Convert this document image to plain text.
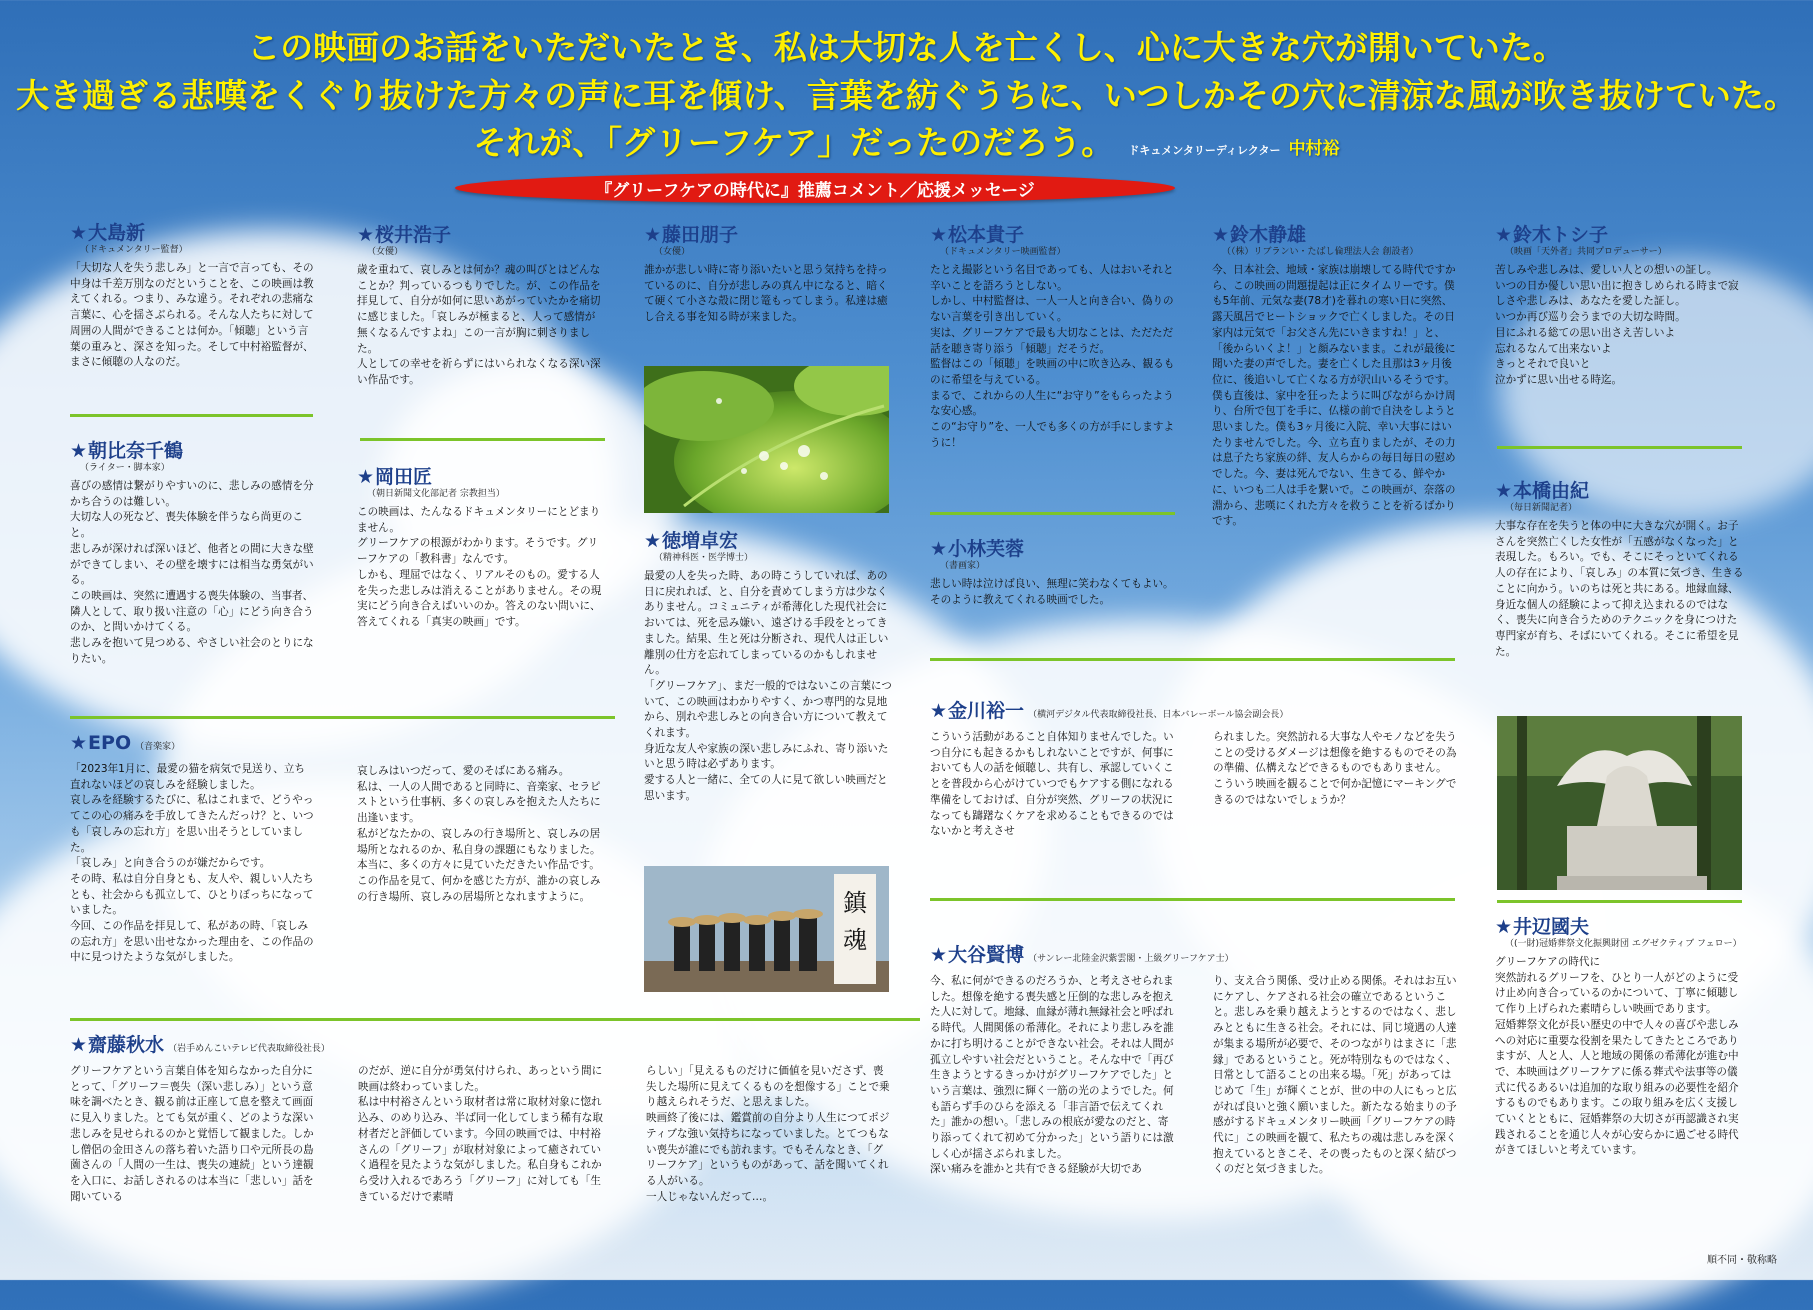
この映画のお話をいただいたとき、私は大切な人を亡くし、心に大きな穴が開いていた。
大き過ぎる悲嘆をくぐり抜けた方々の声に耳を傾け、言葉を紡ぐうちに、いつしかその穴に清涼な風が吹き抜けていた。
それが、「グリーフケア」だったのだろう。 ドキュメンタリーディレクター 中村裕
『グリーフケアの時代に』推薦コメント／応援メッセージ
★大島新
（ドキュメンタリー監督）
「大切な人を失う悲しみ」と一言で言っても、その中身は千差万別なのだということを、この映画は教えてくれる。つまり、みな違う。それぞれの悲痛な言葉に、心を揺さぶられる。そんな人たちに対して周囲の人間ができることは何か。「傾聴」という言葉の重みと、深さを知った。そして中村裕監督が、まさに傾聴の人なのだ。
★朝比奈千鶴
（ライター・脚本家）
喜びの感情は繋がりやすいのに、悲しみの感情を分かち合うのは難しい。
大切な人の死など、喪失体験を伴うなら尚更のこと。
悲しみが深ければ深いほど、他者との間に大きな壁ができてしまい、その壁を壊すには相当な勇気がいる。
この映画は、突然に遭遇する喪失体験の、当事者、隣人として、取り扱い注意の「心」にどう向き合うのか、と問いかけてくる。
悲しみを抱いて見つめる、やさしい社会のとりになりたい。
★EPO （音楽家）
「2023年1月に、最愛の猫を病気で見送り、立ち直れないほどの哀しみを経験しました。
哀しみを経験するたびに、私はこれまで、どうやってこの心の痛みを手放してきたんだっけ？と、いつも「哀しみの忘れ方」を思い出そうとしていました。
「哀しみ」と向き合うのが嫌だからです。
その時、私は自分自身とも、友人や、親しい人たちとも、社会からも孤立して、ひとりぼっちになっていました。
今回、この作品を拝見して、私があの時、「哀しみの忘れ方」を思い出せなかった理由を、この作品の中に見つけたような気がしました。
哀しみはいつだって、愛のそばにある痛み。
私は、一人の人間であると同時に、音楽家、セラピストという仕事柄、多くの哀しみを抱えた人たちに出逢います。
私がどなたかの、哀しみの行き場所と、哀しみの居場所となれるのか、私自身の課題にもなりました。
本当に、多くの方々に見ていただきたい作品です。
この作品を見て、何かを感じた方が、誰かの哀しみの行き場所、哀しみの居場所となれますように。
★齋藤秋水 （岩手めんこいテレビ代表取締役社長）
グリーフケアという言葉自体を知らなかった自分にとって、「グリーフ＝喪失（深い悲しみ）」という意味を調べたとき、観る前は正座して息を整えて画面に見入りました。とても気が重く、どのような深い悲しみを見せられるのかと覚悟して観ました。しかし僧侶の金田さんの落ち着いた語り口や元所長の島薗さんの「人間の一生は、喪失の連続」という達観を入口に、お話しされるのは本当に「悲しい」話を聞いている
のだが、逆に自分が勇気付けられ、あっという間に映画は終わっていました。
私は中村裕さんという取材者は常に取材対象に惚れ込み、のめり込み、半ば同一化してしまう稀有な取材者だと評価しています。今回の映画では、中村裕さんの「グリーフ」が取材対象によって癒されていく過程を見たような気がしました。私自身もこれから受け入れるであろう「グリーフ」に対しても「生きているだけで素晴
らしい」「見えるものだけに価値を見いださず、喪失した場所に見えてくるものを想像する」ことで乗り越えられそうだ、と思えました。
映画終了後には、鑑賞前の自分より人生につてポジティブな強い気持ちになっていました。とてつもない喪失が誰にでも訪れます。でもそんなとき、「グリーフケア」というものがあって、話を聞いてくれる人がいる。
一人じゃないんだって…。
★桜井浩子
（女優）
歳を重ねて、哀しみとは何か？魂の叫びとはどんなことか？判っているつもりでした。が、この作品を拝見して、自分が如何に思いあがっていたかを痛切に感じました。「哀しみが極まると、人って感情が無くなるんですよね」この一言が胸に刺さりました。
人としての幸せを祈らずにはいられなくなる深い深い作品です。
★岡田匠
（朝日新聞文化部記者 宗教担当）
この映画は、たんなるドキュメンタリーにとどまりません。
グリーフケアの根源がわかります。そうです。グリーフケアの「教科書」なんです。
しかも、理屈ではなく、リアルそのもの。愛する人を失った悲しみは消えることがありません。その現実にどう向き合えばいいのか。答えのない問いに、答えてくれる「真実の映画」です。
★藤田朋子
（女優）
誰かが悲しい時に寄り添いたいと思う気持ちを持っているのに、自分が悲しみの真ん中になると、暗くて硬くて小さな殻に閉じ篭もってしまう。私達は癒し合える事を知る時が来ました。
★徳増卓宏
（精神科医・医学博士）
最愛の人を失った時、あの時こうしていれば、あの日に戻れれば、と、自分を責めてしまう方は少なくありません。コミュニティが希薄化した現代社会においては、死を忌み嫌い、遠ざける手段をとってきました。結果、生と死は分断され、現代人は正しい離別の仕方を忘れてしまっているのかもしれません。
「グリーフケア」、まだ一般的ではないこの言葉について、この映画はわかりやすく、かつ専門的な見地から、別れや悲しみとの向き合い方について教えてくれます。
身近な友人や家族の深い悲しみにふれ、寄り添いたいと思う時は必ずあります。
愛する人と一緒に、全ての人に見て欲しい映画だと思います。
鎮
魂
★松本貴子
（ドキュメンタリー映画監督）
たとえ撮影という名目であっても、人はおいそれと辛いことを語ろうとしない。
しかし、中村監督は、一人一人と向き合い、偽りのない言葉を引き出していく。
実は、グリーフケアで最も大切なことは、ただただ話を聴き寄り添う「傾聴」だそうだ。
監督はこの「傾聴」を映画の中に吹き込み、観るものに希望を与えている。
まるで、これからの人生に“お守り”をもらったような安心感。
この“お守り”を、一人でも多くの方が手にしますように！
★小林芙蓉
（書画家）
悲しい時は泣けば良い、無理に笑わなくてもよい。そのように教えてくれる映画でした。
★金川裕一 （横河デジタル代表取締役社長、日本バレーボール協会副会長）
こういう活動があること自体知りませんでした。いつ自分にも起きるかもしれないことですが、何事においても人の話を傾聴し、共有し、承認していくことを普段から心がけていつでもケアする側になれる準備をしておけば、自分が突然、グリーフの状況になっても躊躇なくケアを求めることもできるのではないかと考えさせ
られました。突然訪れる大事な人やモノなどを失うことの受けるダメージは想像を絶するものでその為の準備、仏構えなどできるものでもありません。
こういう映画を観ることで何か記憶にマーキングできるのではないでしょうか？
★大谷賢博 （サンレー北陸金沢紫雲閣・上級グリーフケア士）
今、私に何ができるのだろうか、と考えさせられました。想像を絶する喪失感と圧倒的な悲しみを抱えた人に対して。地縁、血縁が薄れ無縁社会と呼ばれる時代。人間関係の希薄化。それにより悲しみを誰かに打ち明けることができない社会。それは人間が孤立しやすい社会だということ。そんな中で「再び生きようとするきっかけがグリーフケアでした」という言葉は、強烈に輝く一筋の光のようでした。何も語らず手のひらを添える「非言語で伝えてくれた」誰かの想い。「悲しみの根底が愛なのだと、寄り添ってくれて初めて分かった」という語りには激しく心が揺さぶられました。
深い痛みを誰かと共有できる経験が大切であ
り、支え合う関係、受け止める関係。それはお互いにケアし、ケアされる社会の確立であるということ。悲しみを乗り越えようとするのではなく、悲しみとともに生きる社会。それには、同じ境遇の人達が集まる場所が必要で、そのつながりはまさに「悲縁」であるということ。死が特別なものではなく、日常として語ることの出来る場。「死」があってはじめて「生」が輝くことが、世の中の人にもっと広がれば良いと強く願いました。新たなる始まりの予感がするドキュメンタリー映画「グリーフケアの時代に」この映画を観て、私たちの魂は悲しみを深く抱えているときこそ、その喪ったものと深く結びつくのだと気づきました。
★鈴木静雄
（（株）リブランい・たばし倫理法人会 創設者）
今、日本社会、地域・家族は崩壊してる時代ですから、この映画の問題提起は正にタイムリーです。僕も5年前、元気な妻(78才)を暮れの寒い日に突然、露天風呂でヒートショックで亡くしました。その日家内は元気で「お父さん先にいきますね！」と、「後からいくよ！」と顔みないまま。これが最後に聞いた妻の声でした。妻を亡くした且那は3ヶ月後位に、後追いして亡くなる方が沢山いるそうです。僕も直後は、家中を狂ったように叫びながらかけ周り、台所で包丁を手に、仏様の前で自決をしようと思いました。僕も3ヶ月後に入院、幸い大事にはいたりませんでした。今、立ち直りましたが、その力は息子たち家族の絆、友人らからの毎日毎日の慰めでした。今、妻は死んでない、生きてる、鮮やかに、いつも二人は手を繋いで。この映画が、奈落の淵から、悲嘆にくれた方々を救うことを祈るばかりです。
★鈴木トシ子
（映画「天外者」共同プロデューサー）
苦しみや悲しみは、愛しい人との想いの証し。
いつの日か優しい思い出に抱きしめられる時まで寂しさや悲しみは、あなたを愛した証し。
いつか再び巡り会うまでの大切な時間。
目にふれる総ての思い出さえ苦しいよ
忘れるなんて出来ないよ
きっとそれで良いと
泣かずに思い出せる時迄。
★本橋由紀
（毎日新聞記者）
大事な存在を失うと体の中に大きな穴が開く。お子さんを突然亡くした女性が「五感がなくなった」と表現した。もろい。でも、そこにそっといてくれる人の存在により、「哀しみ」の本質に気づき、生きることに向かう。いのちは死と共にある。地縁血縁、身近な個人の経験によって抑え込まれるのではなく、喪失に向き合うためのテクニックを身につけた専門家が育ち、そばにいてくれる。そこに希望を見た。
★井辺國夫
（(一財)冠婚葬祭文化振興財団 エグゼクティブ フェロー）
グリーフケアの時代に
突然訪れるグリーフを、ひとり一人がどのように受け止め向き合っているのかについて、丁寧に傾聴して作り上げられた素晴らしい映画であります。
冠婚葬祭文化が長い歴史の中で人々の喜びや悲しみへの対応に重要な役割を果たしてきたところでありますが、人と人、人と地域の関係の希薄化が進む中で、本映画はグリーフケアに係る葬式や法事等の儀式に代るあるいは追加的な取り組みの必要性を紹介するものでもあります。この取り組みを広く支援していくとともに、冠婚葬祭の大切さが再認識され実践されることを通じ人々が心安らかに過ごせる時代がきてほしいと考えています。
順不同・敬称略
